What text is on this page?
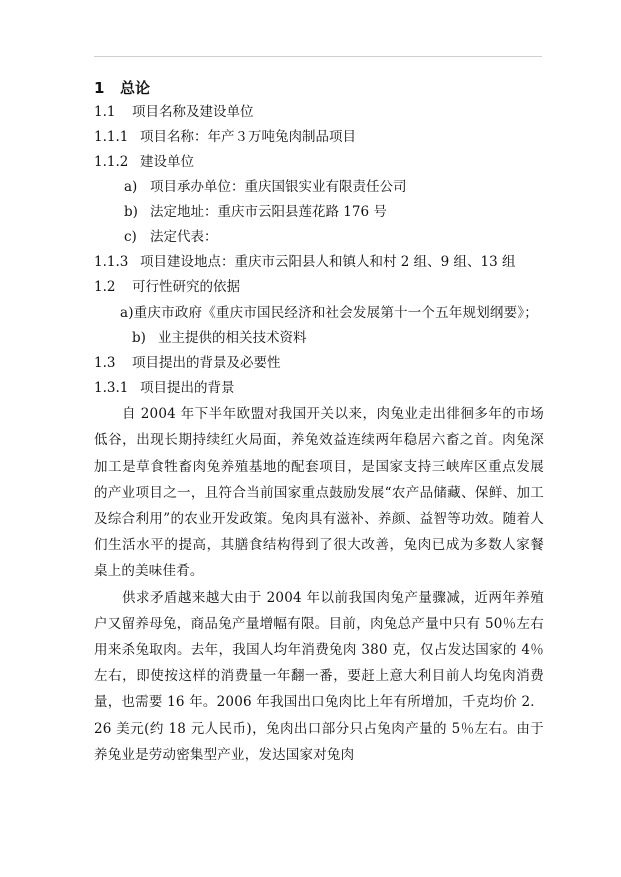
1 总论
1.1 项目名称及建设单位
1.1.1 项目名称：年产３万吨兔肉制品项目
1.1.2 建设单位
a) 项目承办单位：重庆国银实业有限责任公司
b) 法定地址：重庆市云阳县莲花路 176 号
c) 法定代表：
1.1.3 项目建设地点：重庆市云阳县人和镇人和村 2 组、9 组、13 组
1.2 可行性研究的依据
a)重庆市政府《重庆市国民经济和社会发展第十一个五年规划纲要》；
b) 业主提供的相关技术资料
1.3 项目提出的背景及必要性
1.3.1 项目提出的背景
自 2004 年下半年欧盟对我国开关以来，肉兔业走出徘徊多年的市场低谷，出现长期持续红火局面，养兔效益连续两年稳居六畜之首。肉兔深加工是草食牲畜肉兔养殖基地的配套项目，是国家支持三峡库区重点发展的产业项目之一，且符合当前国家重点鼓励发展“农产品储藏、保鲜、加工及综合利用”的农业开发政策。兔肉具有滋补、养颜、益智等功效。随着人们生活水平的提高，其膳食结构得到了很大改善，兔肉已成为多数人家餐桌上的美味佳肴。
供求矛盾越来越大由于 2004 年以前我国肉兔产量骤减，近两年养殖户又留养母兔，商品兔产量增幅有限。目前，肉兔总产量中只有 50％左右用来杀兔取肉。去年，我国人均年消费兔肉 380 克，仅占发达国家的 4％左右，即使按这样的消费量一年翻一番，要赶上意大利目前人均兔肉消费量，也需要 16 年。2006 年我国出口兔肉比上年有所增加，千克均价 2．26 美元(约 18 元人民币)，兔肉出口部分只占兔肉产量的 5％左右。由于养兔业是劳动密集型产业，发达国家对兔肉
